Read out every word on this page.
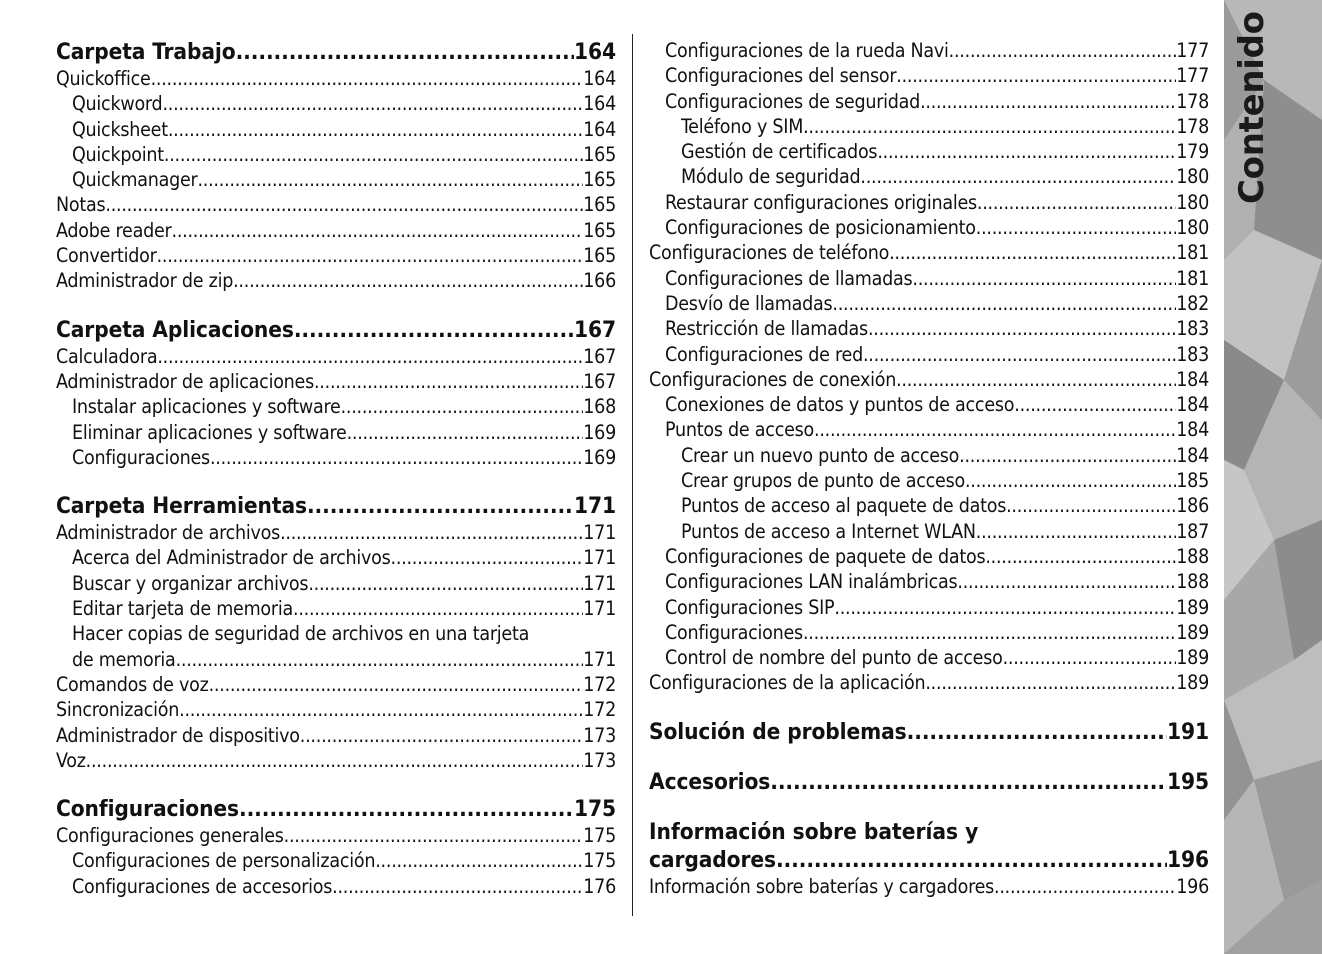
Carpeta Trabajo .....	164
Quickoffice .....	164
Quickword .....	164
Quicksheet .....	164
Quickpoint .....	165
Quickmanager .....	165
Notas .....	165
Adobe reader .....	165
Convertidor .....	165
Administrador de zip .....	166
Carpeta Aplicaciones .....	167
Calculadora .....	167
Administrador de aplicaciones .....	167
Instalar aplicaciones y software .....	168
Eliminar aplicaciones y software .....	169
Configuraciones .....	169
Carpeta Herramientas .....	171
Administrador de archivos .....	171
Acerca del Administrador de archivos .....	171
Buscar y organizar archivos .....	171
Editar tarjeta de memoria .....	171
Hacer copias de seguridad de archivos en una tarjeta
de memoria .....	171
Comandos de voz .....	172
Sincronización .....	172
Administrador de dispositivo .....	173
Voz .....	173
Configuraciones .....	175
Configuraciones generales .....	175
Configuraciones de personalización .....	175
Configuraciones de accesorios .....	176
Configuraciones de la rueda Navi .....	177
Configuraciones del sensor .....	177
Configuraciones de seguridad .....	178
Teléfono y SIM .....	178
Gestión de certificados .....	179
Módulo de seguridad .....	180
Restaurar configuraciones originales .....	180
Configuraciones de posicionamiento .....	180
Configuraciones de teléfono .....	181
Configuraciones de llamadas .....	181
Desvío de llamadas .....	182
Restricción de llamadas .....	183
Configuraciones de red .....	183
Configuraciones de conexión .....	184
Conexiones de datos y puntos de acceso .....	184
Puntos de acceso .....	184
Crear un nuevo punto de acceso .....	184
Crear grupos de punto de acceso .....	185
Puntos de acceso al paquete de datos .....	186
Puntos de acceso a Internet WLAN .....	187
Configuraciones de paquete de datos .....	188
Configuraciones LAN inalámbricas .....	188
Configuraciones SIP .....	189
Configuraciones .....	189
Control de nombre del punto de acceso .....	189
Configuraciones de la aplicación .....	189
Solución de problemas .....	191
Accesorios .....	195
Información sobre baterías y
cargadores .....	196
Información sobre baterías y cargadores .....	196
Contenido
